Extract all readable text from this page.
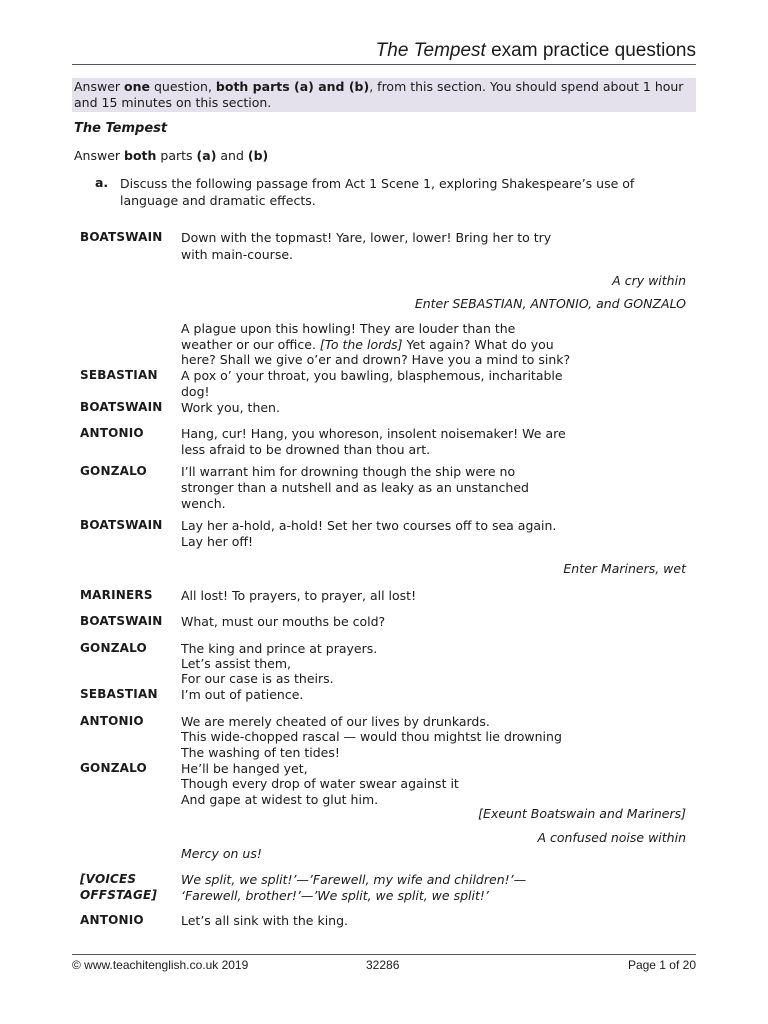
The Tempest exam practice questions
Answer one question, both parts (a) and (b), from this section. You should spend about 1 hour and 15 minutes on this section.
The Tempest
Answer both parts (a) and (b)
a. Discuss the following passage from Act 1 Scene 1, exploring Shakespeare’s use of language and dramatic effects.
BOATSWAIN Down with the topmast! Yare, lower, lower! Bring her to try
with main-course.
A cry within
Enter SEBASTIAN, ANTONIO, and GONZALO
A plague upon this howling! They are louder than the
weather or our office. [To the lords] Yet again? What do you
here? Shall we give o’er and drown? Have you a mind to sink?
SEBASTIAN A pox o’ your throat, you bawling, blasphemous, incharitable
dog!
BOATSWAIN Work you, then.
ANTONIO	Hang, cur! Hang, you whoreson, insolent noisemaker! We are
less afraid to be drowned than thou art.
GONZALO	I’ll warrant him for drowning though the ship were no
stronger than a nutshell and as leaky as an unstanched
wench.
BOATSWAIN Lay her a-hold, a-hold! Set her two courses off to sea again.
Lay her off!
Enter Mariners, wet
MARINERS All lost! To prayers, to prayer, all lost!
BOATSWAIN What, must our mouths be cold?
GONZALO	The king and prince at prayers.
Let’s assist them,
For our case is as theirs.
SEBASTIAN I’m out of patience.
ANTONIO	We are merely cheated of our lives by drunkards.
This wide-chopped rascal — would thou mightst lie drowning
The washing of ten tides!
GONZALO	He’ll be hanged yet,
Though every drop of water swear against it
And gape at widest to glut him.
[Exeunt Boatswain and Mariners]
A confused noise within
Mercy on us!
[VOICES
OFFSTAGE]
We split, we split!’—’Farewell, my wife and children!’—
‘Farewell, brother!’—’We split, we split, we split!’
ANTONIO	Let’s all sink with the king.
© www.teachitenglish.co.uk 2019	32286	Page 1 of 20
